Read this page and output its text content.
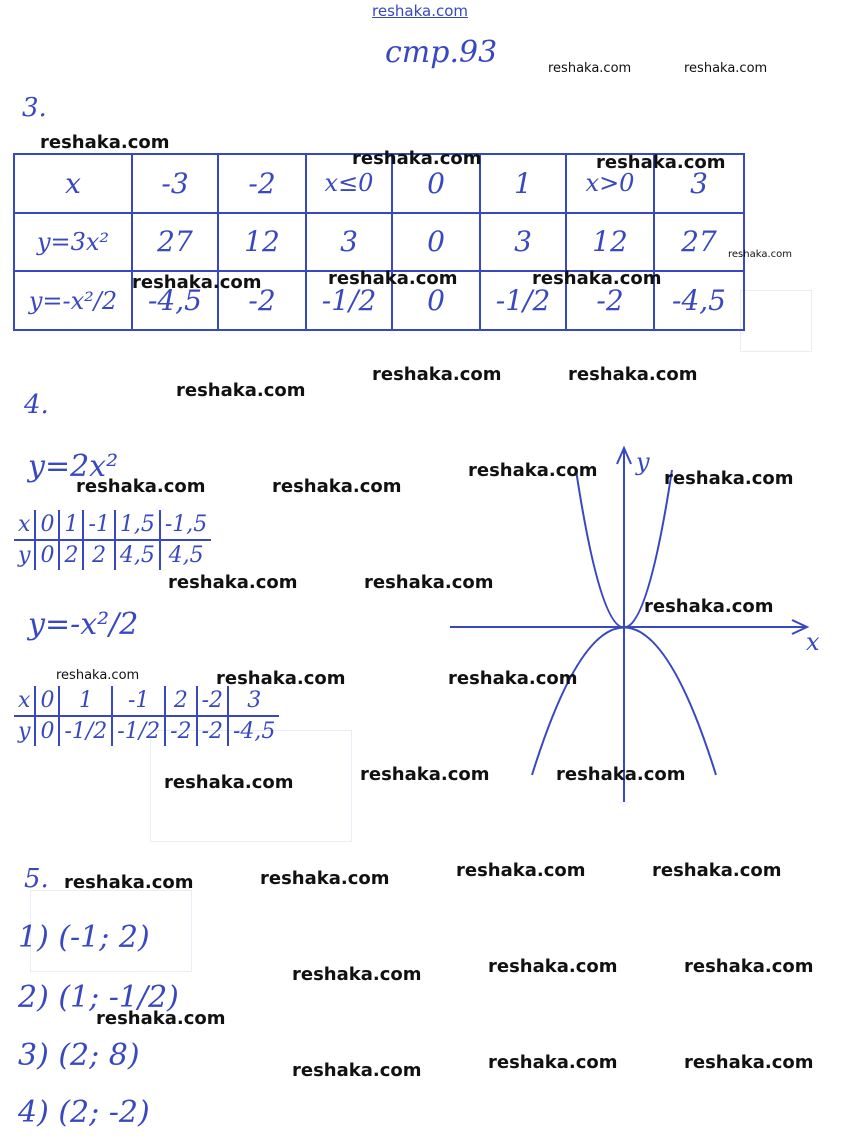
reshaka.com
стр.93
3.
x	-3	-2	x≤0	0	1	x>0	3
y=3x²	27	12	3	0	3	12	27
y=-x²/2	-4,5	-2	-1/2	0	-1/2	-2	-4,5
4.
y=2x²
x	0	1	-1	1,5	-1,5
y	0	2	2	4,5	4,5
y=-x²/2
x	0	1	-1	2	-2	3
y	0	-1/2	-1/2	-2	-2	-4,5
x
y
5.
1) (-1; 2)
2) (1; -1/2)
3) (2; 8)
4) (2; -2)
reshaka.com	reshaka.com
reshaka.com
reshaka.com	reshaka.com
reshaka.com
reshaka.com	reshaka.com	reshaka.com
reshaka.com
reshaka.com	reshaka.com
reshaka.com	reshaka.com
reshaka.com	reshaka.com
reshaka.com	reshaka.com
reshaka.com
reshaka.com	reshaka.com	reshaka.com
reshaka.com	reshaka.com	reshaka.com
reshaka.com	reshaka.com	reshaka.com	reshaka.com
reshaka.com	reshaka.com	reshaka.com
reshaka.com
reshaka.com	reshaka.com	reshaka.com
